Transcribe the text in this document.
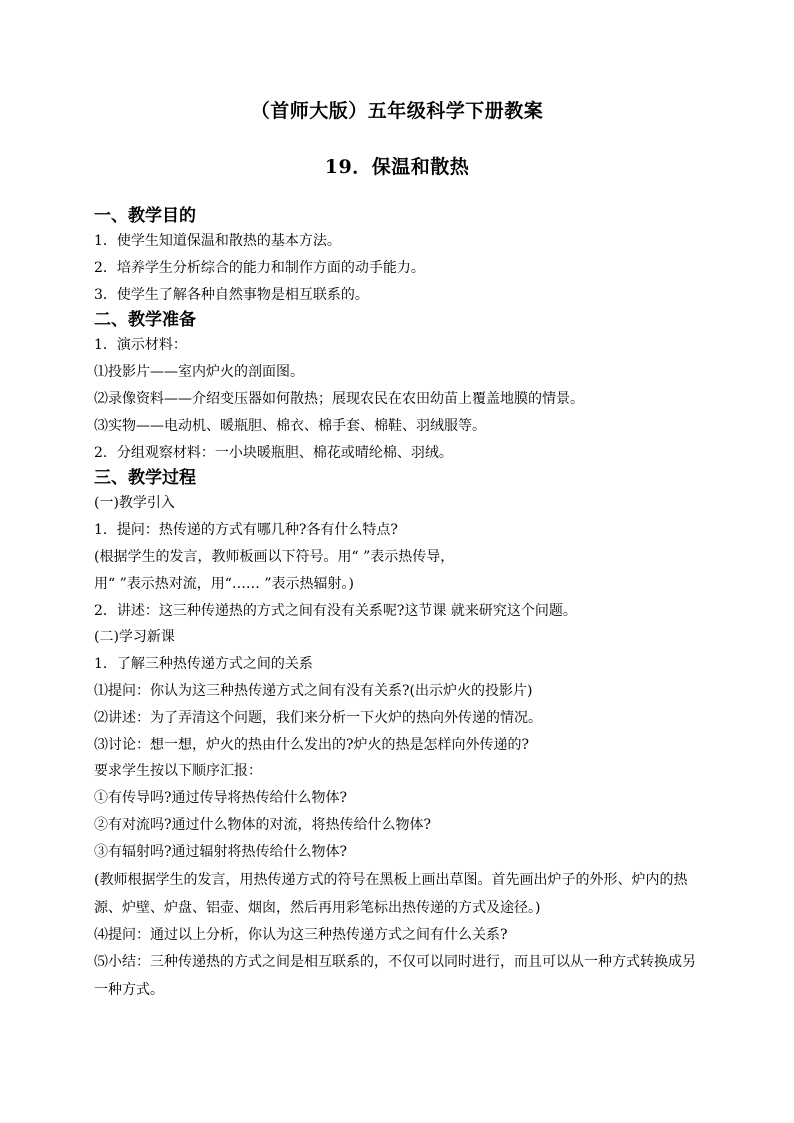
（首师大版）五年级科学下册教案
19．保温和散热

一、教学目的

1．使学生知道保温和散热的基本方法。

2．培养学生分析综合的能力和制作方面的动手能力。

3．使学生了解各种自然事物是相互联系的。

二、教学准备

1．演示材料：

⑴投影片——室内炉火的剖面图。

⑵录像资料——介绍变压器如何散热；展现农民在农田幼苗上覆盖地膜的情景。

⑶实物——电动机、暖瓶胆、棉衣、棉手套、棉鞋、羽绒服等。

2．分组观察材料：一小块暖瓶胆、棉花或晴纶棉、羽绒。

三、教学过程

(一)教学引入

1．提问：热传递的方式有哪几种?各有什么特点?

(根据学生的发言，教师板画以下符号。用“ ”表示热传导，

用“ ”表示热对流，用“…… ”表示热辐射。)

2．讲述：这三种传递热的方式之间有没有关系呢?这节课 就来研究这个问题。

(二)学习新课

1．了解三种热传递方式之间的关系

⑴提问：你认为这三种热传递方式之间有没有关系?(出示炉火的投影片)

⑵讲述：为了弄清这个问题，我们来分析一下火炉的热向外传递的情况。

⑶讨论：想一想，炉火的热由什么发出的?炉火的热是怎样向外传递的?

要求学生按以下顺序汇报：

①有传导吗?通过传导将热传给什么物体?

②有对流吗?通过什么物体的对流，将热传给什么物体?

③有辐射吗?通过辐射将热传给什么物体?

(教师根据学生的发言，用热传递方式的符号在黑板上画出草图。首先画出炉子的外形、炉内的热源、炉壁、炉盘、铝壶、烟囱，然后再用彩笔标出热传递的方式及途径。)

⑷提问：通过以上分析，你认为这三种热传递方式之间有什么关系?

⑸小结：三种传递热的方式之间是相互联系的，不仅可以同时进行，而且可以从一种方式转换成另一种方式。
